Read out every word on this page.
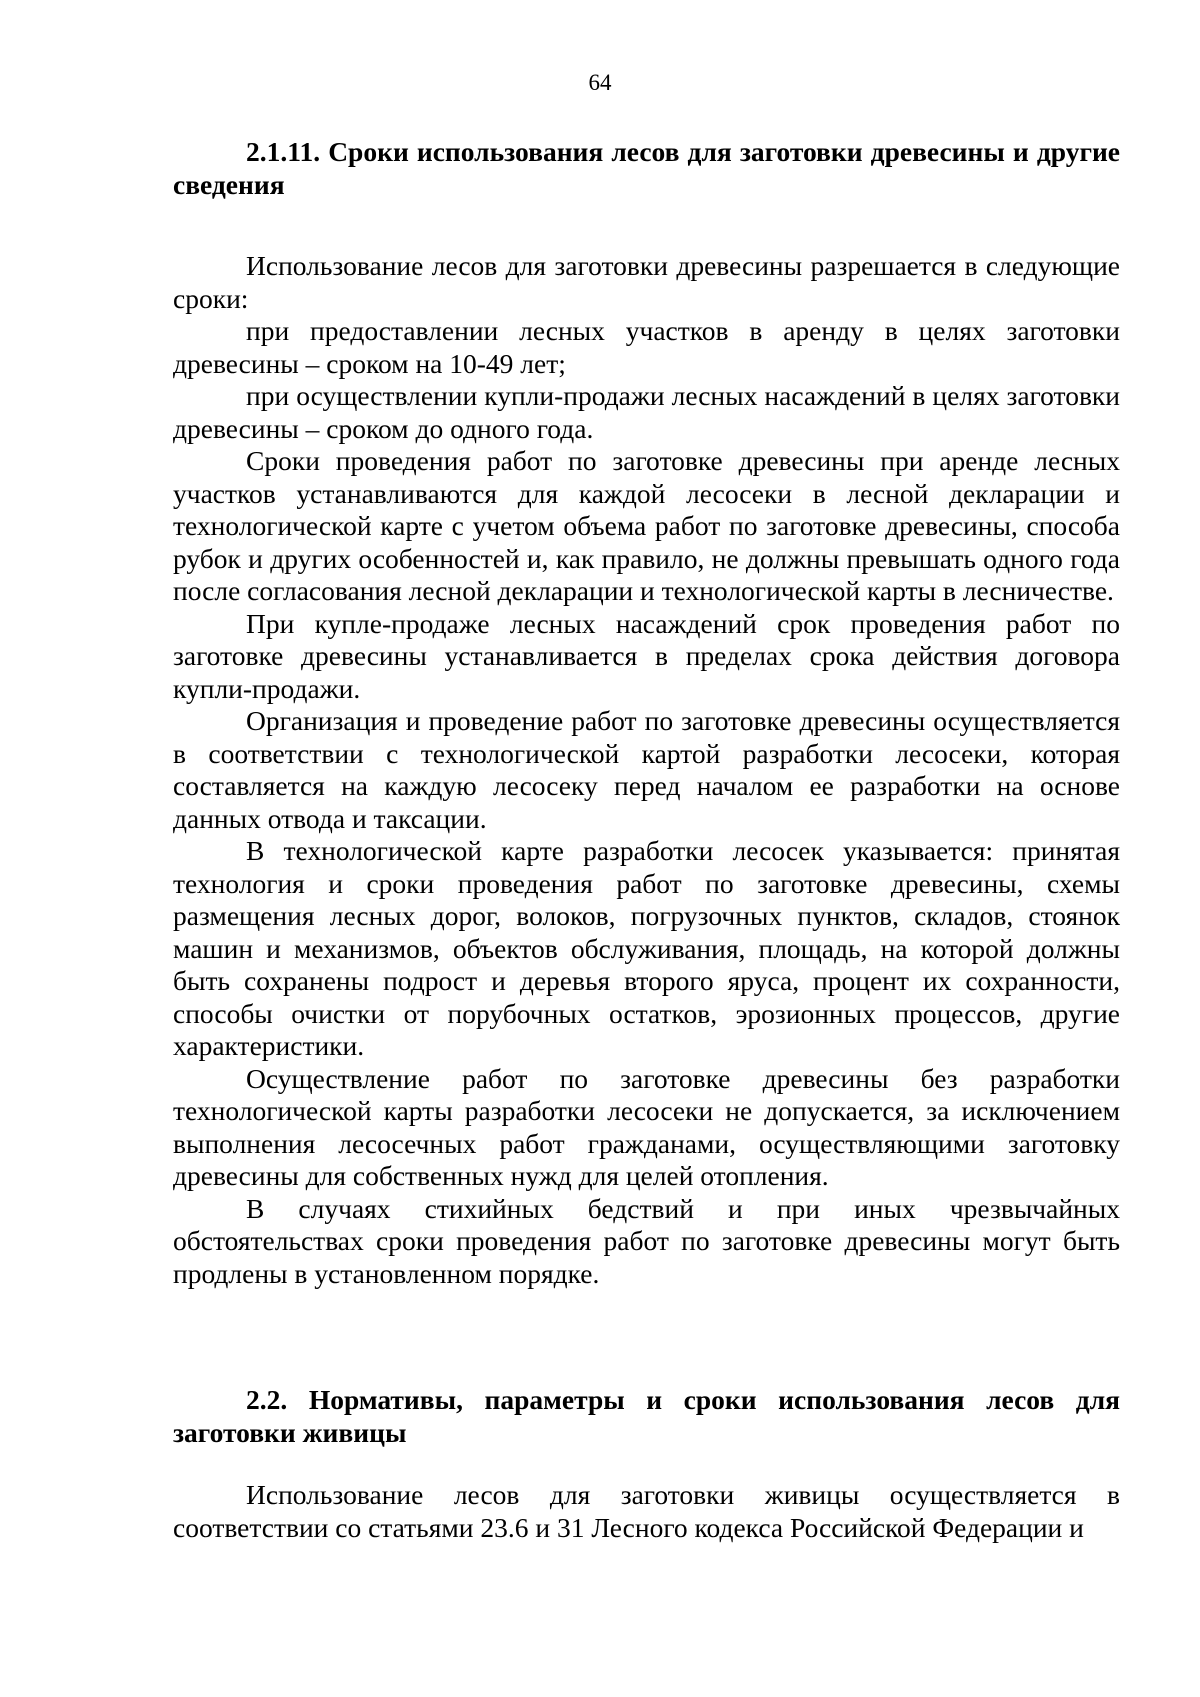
64

2.1.11. Сроки использования лесов для заготовки древесины и другие сведения

Использование лесов для заготовки древесины разрешается в следующие сроки:

при предоставлении лесных участков в аренду в целях заготовки древесины – сроком на 10-49 лет;

при осуществлении купли-продажи лесных насаждений в целях заготовки древесины – сроком до одного года.

Сроки проведения работ по заготовке древесины при аренде лесных участков устанавливаются для каждой лесосеки в лесной декларации и технологической карте с учетом объема работ по заготовке древесины, способа рубок и других особенностей и, как правило, не должны превышать одного года после согласования лесной декларации и технологической карты в лесничестве.

При купле-продаже лесных насаждений срок проведения работ по заготовке древесины устанавливается в пределах срока действия договора купли-продажи.

Организация и проведение работ по заготовке древесины осуществляется в соответствии с технологической картой разработки лесосеки, которая составляется на каждую лесосеку перед началом ее разработки на основе данных отвода и таксации.

В технологической карте разработки лесосек указывается: принятая технология и сроки проведения работ по заготовке древесины, схемы размещения лесных дорог, волоков, погрузочных пунктов, складов, стоянок машин и механизмов, объектов обслуживания, площадь, на которой должны быть сохранены подрост и деревья второго яруса, процент их сохранности, способы очистки от порубочных остатков, эрозионных процессов, другие характеристики.

Осуществление работ по заготовке древесины без разработки технологической карты разработки лесосеки не допускается, за исключением выполнения лесосечных работ гражданами, осуществляющими заготовку древесины для собственных нужд для целей отопления.

В случаях стихийных бедствий и при иных чрезвычайных обстоятельствах сроки проведения работ по заготовке древесины могут быть продлены в установленном порядке.

2.2. Нормативы, параметры и сроки использования лесов для заготовки живицы

Использование лесов для заготовки живицы осуществляется в соответствии со статьями 23.6 и 31 Лесного кодекса Российской Федерации и
